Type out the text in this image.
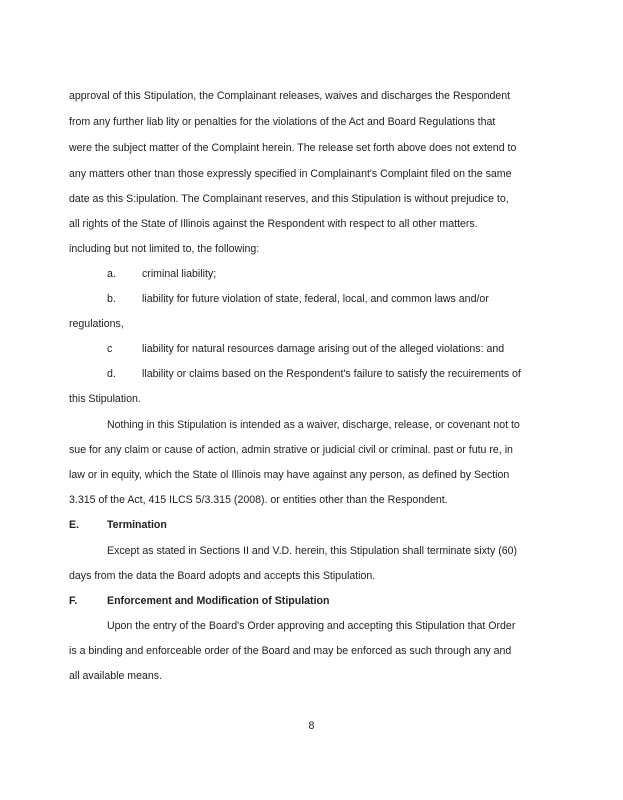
approval of this Stipulation, the Complainant releases, waives and discharges the Respondent
from any further liab lity or penalties for the violations of the Act and Board Regulations that
were the subject matter of the Complaint herein. The release set forth above does not extend to
any matters other tnan those expressly specified in Complainant's Complaint filed on the same
date as this S:ipulation. The Complainant reserves, and this Stipulation is without prejudice to,
all rights of the State of Illinois against the Respondent with respect to all other matters.
including but not limited to, the following:
a. criminal liability;
b. liability for future violation of state, federal, local, and common laws and/or
regulations,
c	liability for natural resources damage arising out of the alleged violations: and
d. llability or claims based on the Respondent's failure to satisfy the recuirements of
this Stipulation.
Nothing in this Stipulation is intended as a waiver, discharge, release, or covenant not to
sue for any claim or cause of action, admin strative or judicial civil or criminal. past or futu re, in
law or in equity, which the State ol Illinois may have against any person, as defined by Section
3.315 of the Act, 415 ILCS 5/3.315 (2008). or entities other than the Respondent.
E.	Termination
Except as stated in Sections II and V.D. herein, this Stipulation shall terminate sixty (60)
days from the data the Board adopts and accepts this Stipulation.
F.	Enforcement and Modification of Stipulation
Upon the entry of the Board's Order approving and accepting this Stipulation that Order
is a binding and enforceable order of the Board and may be enforced as such through any and
all available means.
8
